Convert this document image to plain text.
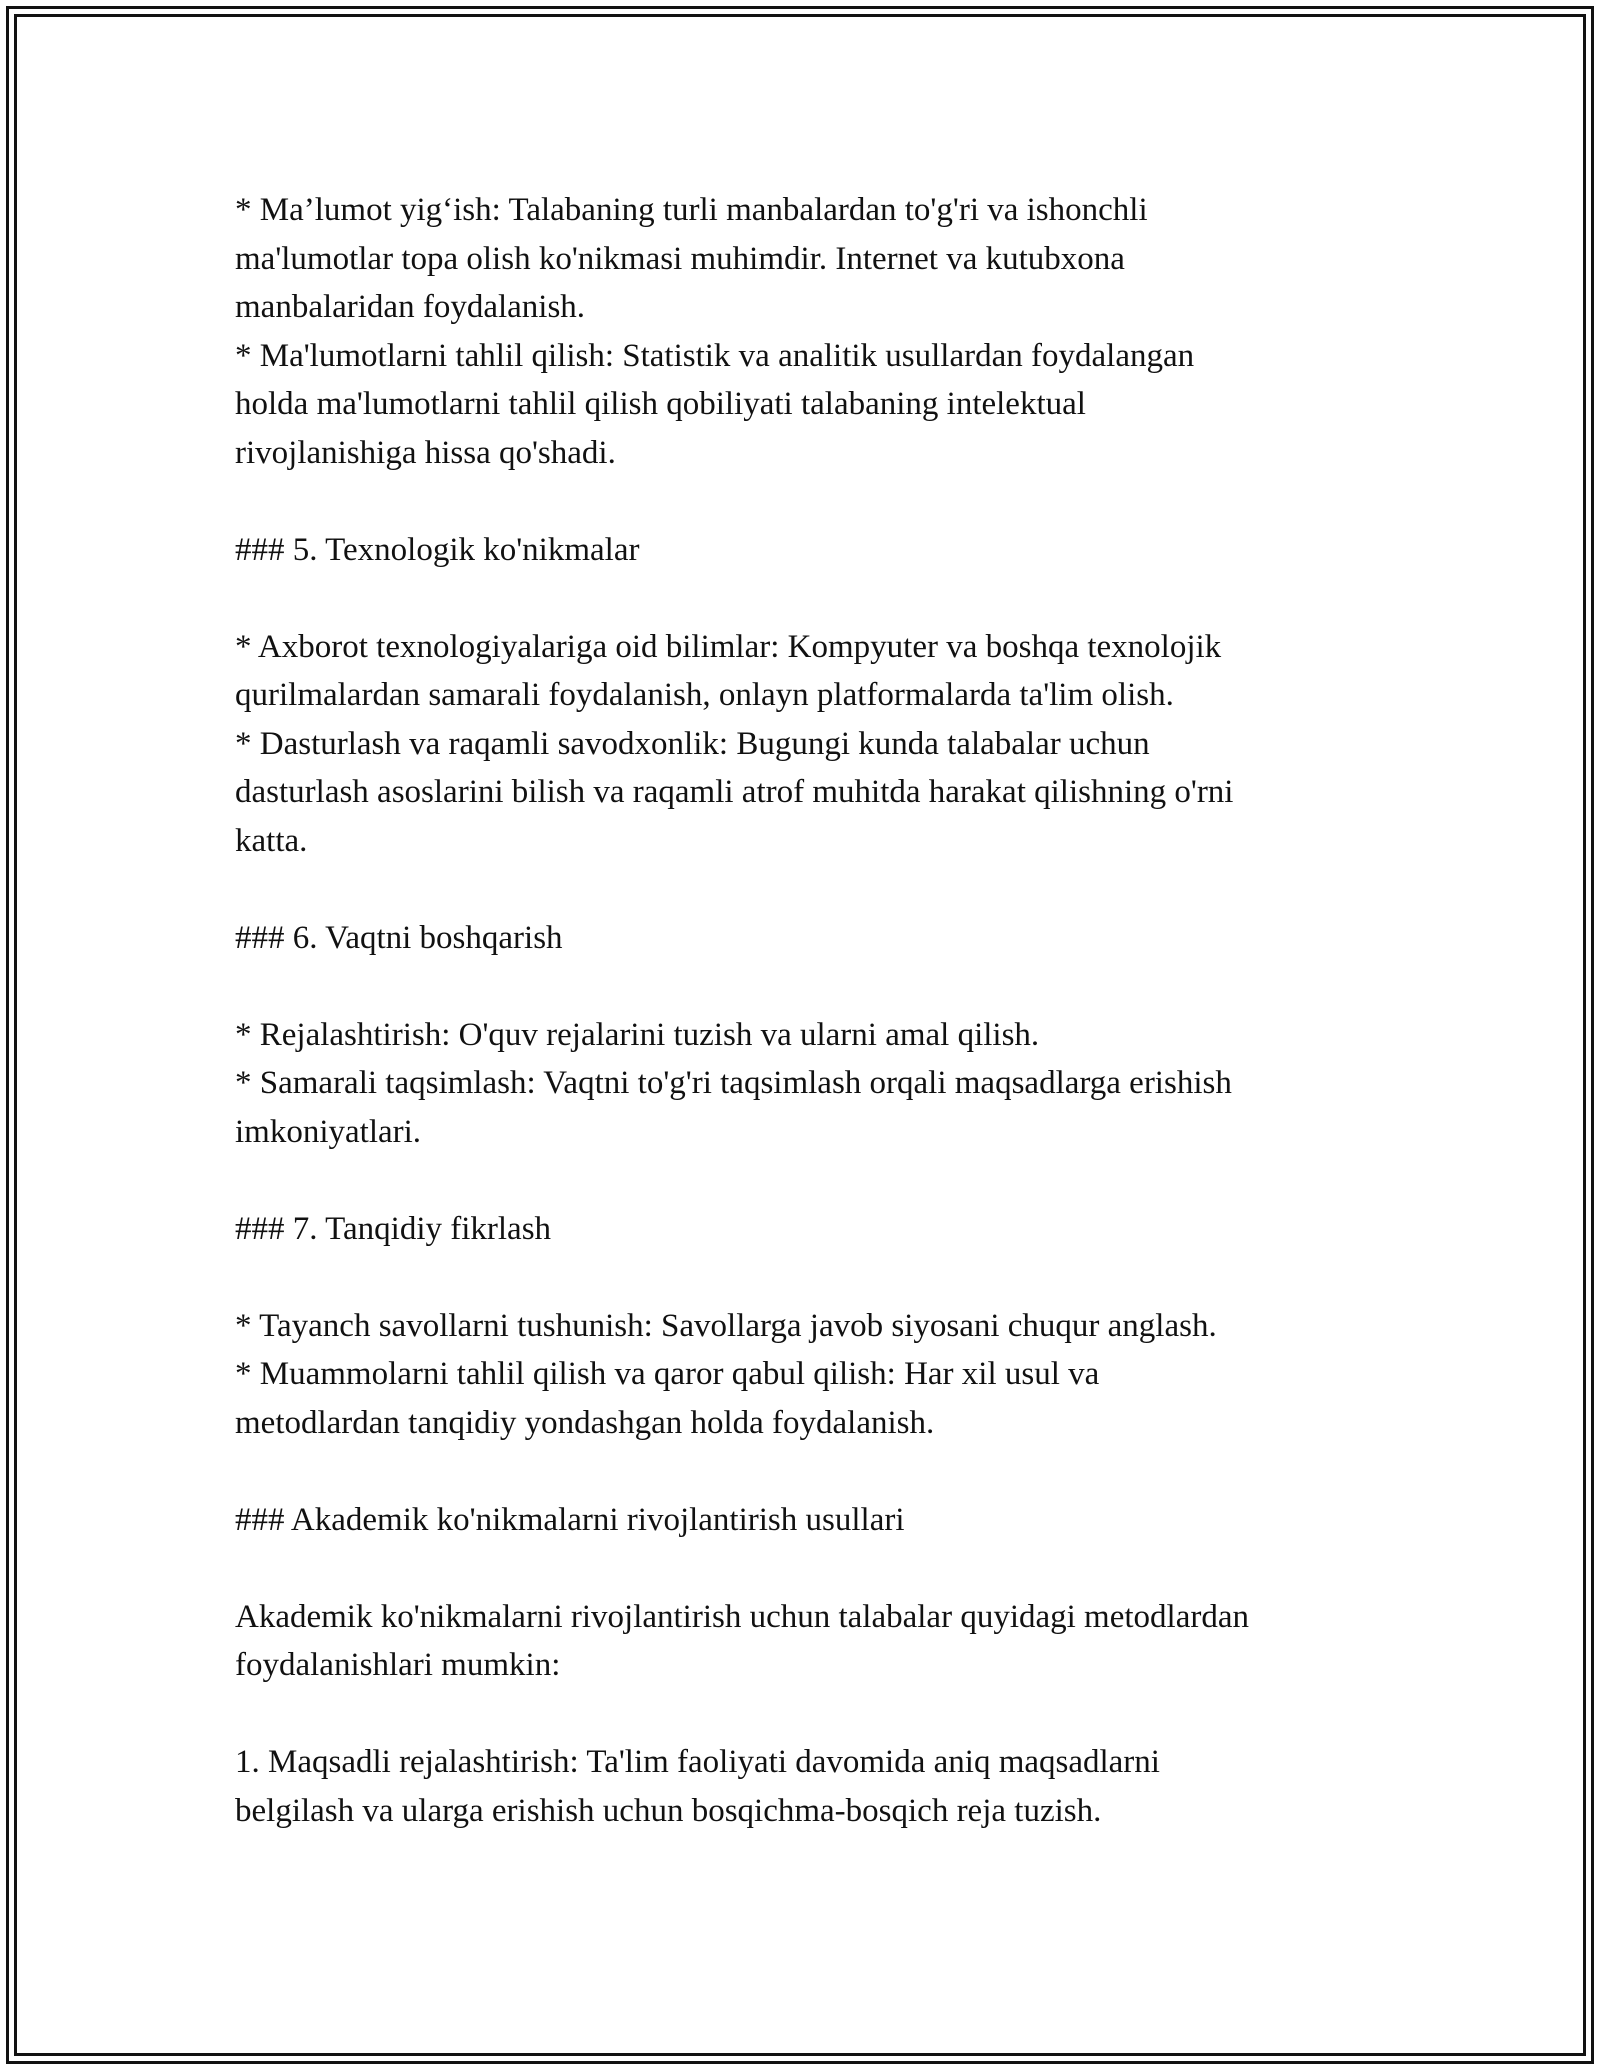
* Ma’lumot yig‘ish: Talabaning turli manbalardan to'g'ri va ishonchli
ma'lumotlar topa olish ko'nikmasi muhimdir. Internet va kutubxona
manbalaridan foydalanish.
* Ma'lumotlarni tahlil qilish: Statistik va analitik usullardan foydalangan
holda ma'lumotlarni tahlil qilish qobiliyati talabaning intelektual
rivojlanishiga hissa qo'shadi.
### 5. Texnologik ko'nikmalar
* Axborot texnologiyalariga oid bilimlar: Kompyuter va boshqa texnolojik
qurilmalardan samarali foydalanish, onlayn platformalarda ta'lim olish.
* Dasturlash va raqamli savodxonlik: Bugungi kunda talabalar uchun
dasturlash asoslarini bilish va raqamli atrof muhitda harakat qilishning o'rni
katta.
### 6. Vaqtni boshqarish
* Rejalashtirish: O'quv rejalarini tuzish va ularni amal qilish.
* Samarali taqsimlash: Vaqtni to'g'ri taqsimlash orqali maqsadlarga erishish
imkoniyatlari.
### 7. Tanqidiy fikrlash
* Tayanch savollarni tushunish: Savollarga javob siyosani chuqur anglash.
* Muammolarni tahlil qilish va qaror qabul qilish: Har xil usul va
metodlardan tanqidiy yondashgan holda foydalanish.
### Akademik ko'nikmalarni rivojlantirish usullari
Akademik ko'nikmalarni rivojlantirish uchun talabalar quyidagi metodlardan
foydalanishlari mumkin:
1. Maqsadli rejalashtirish: Ta'lim faoliyati davomida aniq maqsadlarni
belgilash va ularga erishish uchun bosqichma-bosqich reja tuzish.
